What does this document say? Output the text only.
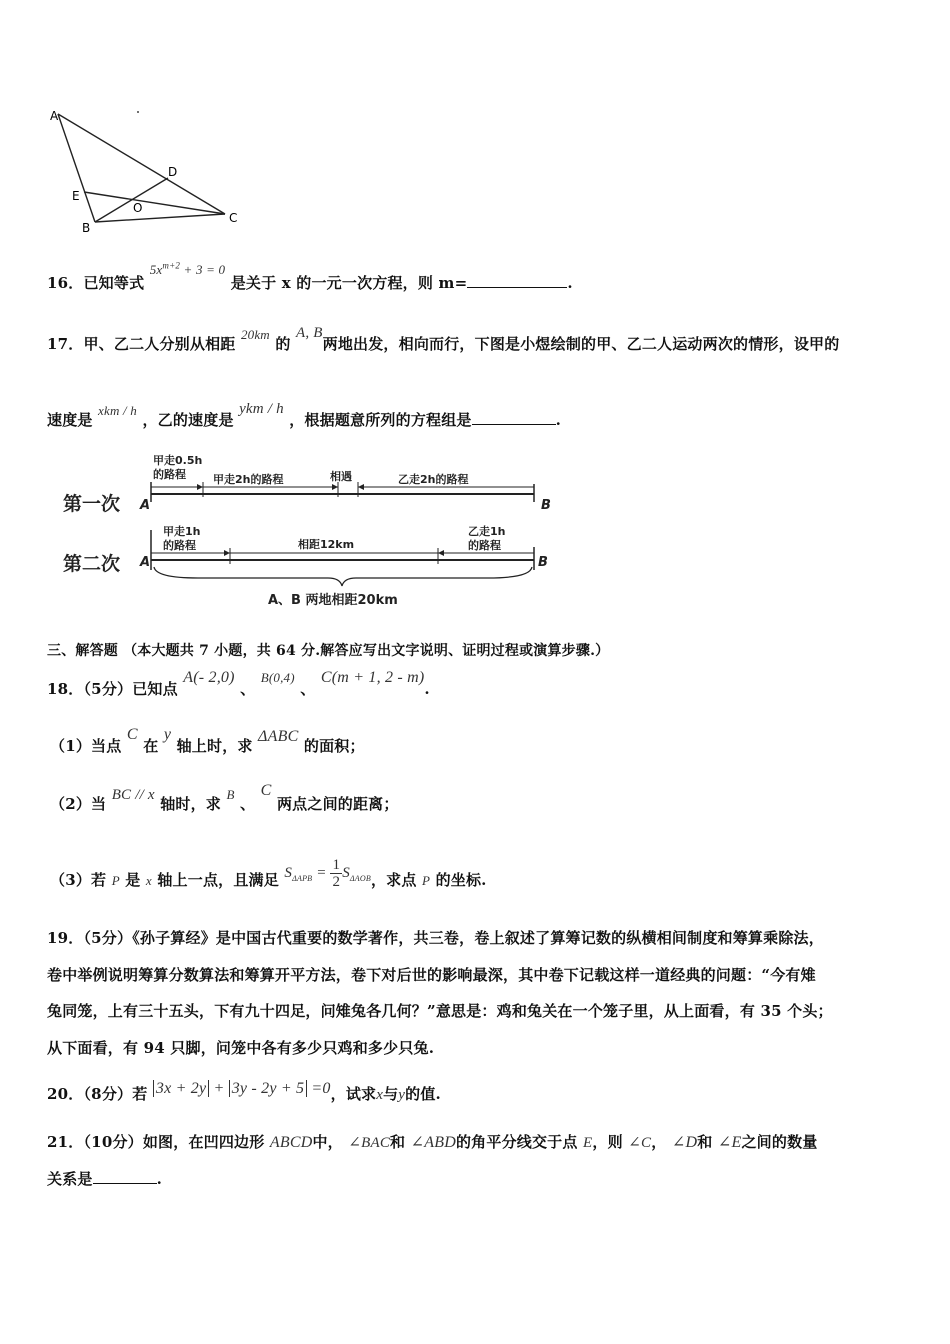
A
B
C
D
E
O
16．已知等式 $5x^{m+2} + 3 = 0$ 是关于 x 的一元一次方程，则 m=	.
17．甲、乙二人分别从相距 20km 的 A, B两地出发，相向而行，下图是小煜绘制的甲、乙二人运动两次的情形，设甲的
速度是 xkm / h ，乙的速度是 ykm / h ，根据题意所列的方程组是	.
第一次 A	B
甲走0.5h
的路程 甲走2h的路程	相遇	乙走2h的路程
第二次 A	B
甲走1h
的路程	相距12km
乙走1h
的路程
A、B 两地相距20km
三、解答题 （本大题共 7 小题，共 64 分.解答应写出文字说明、证明过程或演算步骤.）
18．（5分）已知点 A(- 2,0) 、 B(0,4) 、 C(m + 1, 2 - m).
（1）当点 C 在 y 轴上时，求 ΔABC 的面积；
（2）当 BC // x 轴时，求 B 、 C 两点之间的距离；
（3）若 P 是 x 轴上一点，且满足 $S_{\Delta APB} = \frac{1}{2} S_{\Delta AOB}$，求点 P 的坐标.
19．（5分）《孙子算经》是中国古代重要的数学著作，共三卷，卷上叙述了算筹记数的纵横相间制度和筹算乘除法，
卷中举例说明筹算分数算法和筹算开平方法，卷下对后世的影响最深，其中卷下记载这样一道经典的问题：“今有雉
兔同笼，上有三十五头，下有九十四足，问雉兔各几何？”意思是：鸡和兔关在一个笼子里，从上面看，有 35 个头；
从下面看，有 94 只脚，问笼中各有多少只鸡和多少只兔.
20．（8分）若 3x + 2y + 3y - 2y + 5 =0，试求x与y的值.
21．（10分）如图，在凹四边形 ABCD中， ∠BAC和 ∠ABD的角平分线交于点 E，则 ∠C， ∠D和 ∠E之间的数量
关系是	.
